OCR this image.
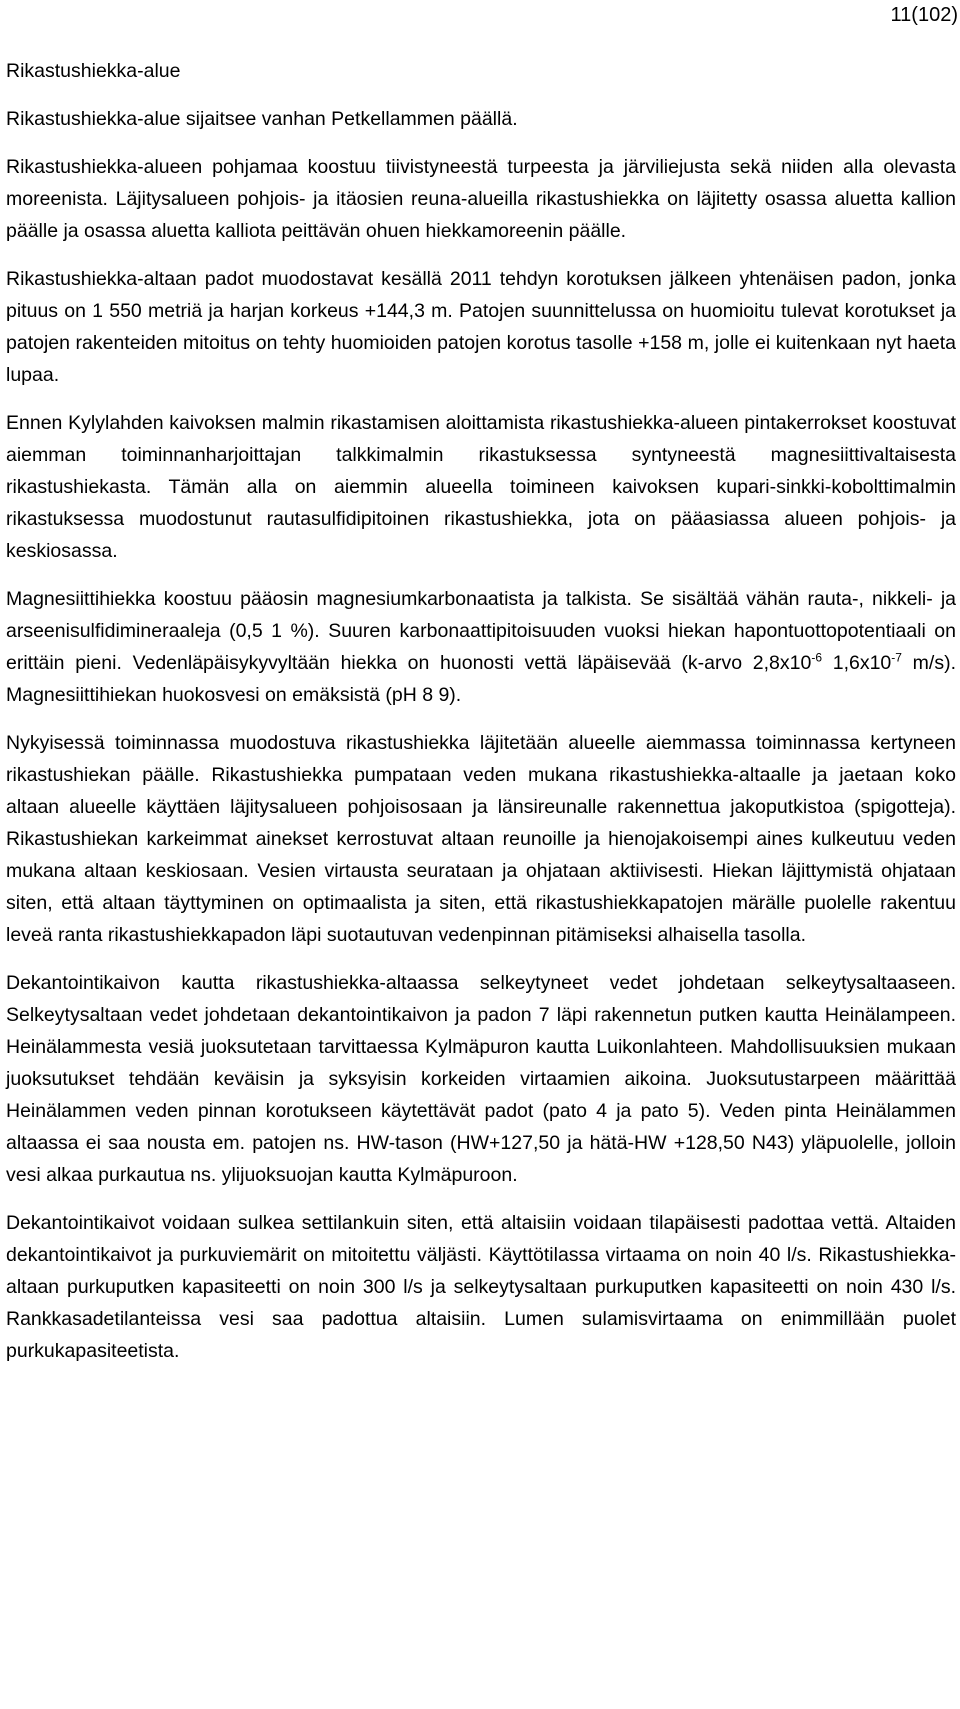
11(102)

Rikastushiekka-alue

Rikastushiekka-alue sijaitsee vanhan Petkellammen päällä.

Rikastushiekka-alueen pohjamaa koostuu tiivistyneestä turpeesta ja järviliejusta sekä niiden alla olevasta moreenista. Läjitysalueen pohjois- ja itäosien reuna-alueilla rikastushiekka on läjitetty osassa aluetta kallion päälle ja osassa aluetta kalliota peittävän ohuen hiekkamoreenin päälle.

Rikastushiekka-altaan padot muodostavat kesällä 2011 tehdyn korotuksen jälkeen yhtenäisen padon, jonka pituus on 1 550 metriä ja harjan korkeus +144,3 m. Patojen suunnittelussa on huomioitu tulevat korotukset ja patojen rakenteiden mitoitus on tehty huomioiden patojen korotus tasolle +158 m, jolle ei kuitenkaan nyt haeta lupaa.

Ennen Kylylahden kaivoksen malmin rikastamisen aloittamista rikastushiekka-alueen pintakerrokset koostuvat aiemman toiminnanharjoittajan talkkimalmin rikastuksessa syntyneestä magnesiittivaltaisesta rikastushiekasta. Tämän alla on aiemmin alueella toimineen kaivoksen kupari-sinkki-kobolttimalmin rikastuksessa muodostunut rautasulfidipitoinen rikastushiekka, jota on pääasiassa alueen pohjois- ja keskiosassa.

Magnesiittihiekka koostuu pääosin magnesiumkarbonaatista ja talkista. Se sisältää vähän rauta-, nikkeli- ja arseenisulfidimineraaleja (0,5 1 %). Suuren karbonaattipitoisuuden vuoksi hiekan hapontuottopotentiaali on erittäin pieni. Vedenläpäisykyvyltään hiekka on huonosti vettä läpäisevää (k-arvo $2,8x10^{-6}$ $1,6x10^{-7}$ m/s). Magnesiittihiekan huokosvesi on emäksistä (pH 8 9).

Nykyisessä toiminnassa muodostuva rikastushiekka läjitetään alueelle aiemmassa toiminnassa kertyneen rikastushiekan päälle. Rikastushiekka pumpataan veden mukana rikastushiekka-altaalle ja jaetaan koko altaan alueelle käyttäen läjitysalueen pohjoisosaan ja länsireunalle rakennettua jakoputkistoa (spigotteja). Rikastushiekan karkeimmat ainekset kerrostuvat altaan reunoille ja hienojakoisempi aines kulkeutuu veden mukana altaan keskiosaan. Vesien virtausta seurataan ja ohjataan aktiivisesti. Hiekan läjittymistä ohjataan siten, että altaan täyttyminen on optimaalista ja siten, että rikastushiekkapatojen märälle puolelle rakentuu leveä ranta rikastushiekkapadon läpi suotautuvan vedenpinnan pitämiseksi alhaisella tasolla.

Dekantointikaivon kautta rikastushiekka-altaassa selkeytyneet vedet johdetaan selkeytysaltaaseen. Selkeytysaltaan vedet johdetaan dekantointikaivon ja padon 7 läpi rakennetun putken kautta Heinälampeen. Heinälammesta vesiä juoksutetaan tarvittaessa Kylmäpuron kautta Luikonlahteen. Mahdollisuuksien mukaan juoksutukset tehdään keväisin ja syksyisin korkeiden virtaamien aikoina. Juoksutustarpeen määrittää Heinälammen veden pinnan korotukseen käytettävät padot (pato 4 ja pato 5). Veden pinta Heinälammen altaassa ei saa nousta em. patojen ns. HW-tason (HW+127,50 ja hätä-HW +128,50 N43) yläpuolelle, jolloin vesi alkaa purkautua ns. ylijuoksuojan kautta Kylmäpuroon.

Dekantointikaivot voidaan sulkea settilankuin siten, että altaisiin voidaan tilapäisesti padottaa vettä. Altaiden dekantointikaivot ja purkuviemärit on mitoitettu väljästi. Käyttötilassa virtaama on noin 40 l/s. Rikastushiekka-altaan purkuputken kapasiteetti on noin 300 l/s ja selkeytysaltaan purkuputken kapasiteetti on noin 430 l/s. Rankkasadetilanteissa vesi saa padottua altaisiin. Lumen sulamisvirtaama on enimmillään puolet purkukapasiteetista.
